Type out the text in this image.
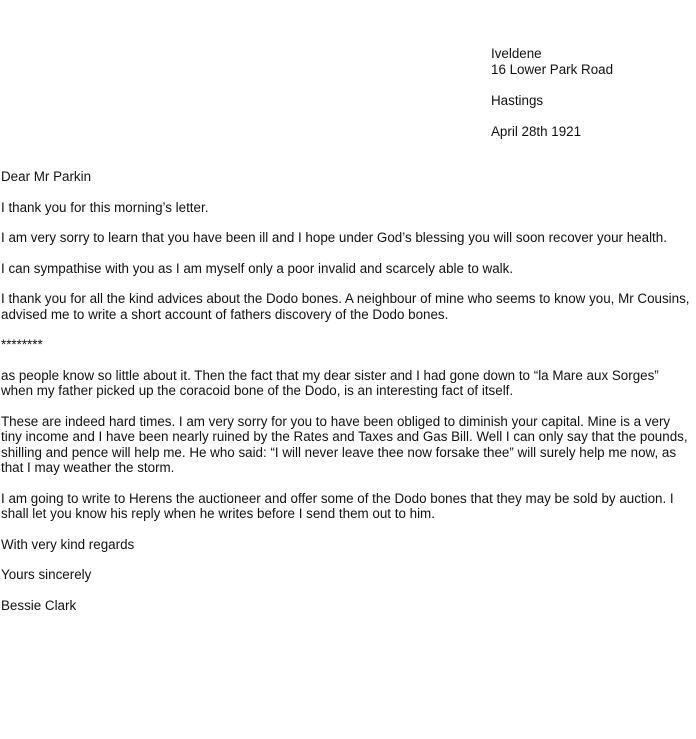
Iveldene
16 Lower Park Road
Hastings
April 28th 1921

Dear Mr Parkin

I thank you for this morning’s letter.

I am very sorry to learn that you have been ill and I hope under God’s blessing you will soon recover your health.

I can sympathise with you as I am myself only a poor invalid and scarcely able to walk.

I thank you for all the kind advices about the Dodo bones. A neighbour of mine who seems to know you, Mr Cousins, advised me to write a short account of fathers discovery of the Dodo bones.

********

as people know so little about it. Then the fact that my dear sister and I had gone down to “la Mare aux Sorges” when my father picked up the coracoid bone of the Dodo, is an interesting fact of itself.

These are indeed hard times. I am very sorry for you to have been obliged to diminish your capital. Mine is a very tiny income and I have been nearly ruined by the Rates and Taxes and Gas Bill. Well I can only say that the pounds, shilling and pence will help me. He who said: “I will never leave thee now forsake thee” will surely help me now, as that I may weather the storm.

I am going to write to Herens the auctioneer and offer some of the Dodo bones that they may be sold by auction. I shall let you know his reply when he writes before I send them out to him.

With very kind regards

Yours sincerely

Bessie Clark
